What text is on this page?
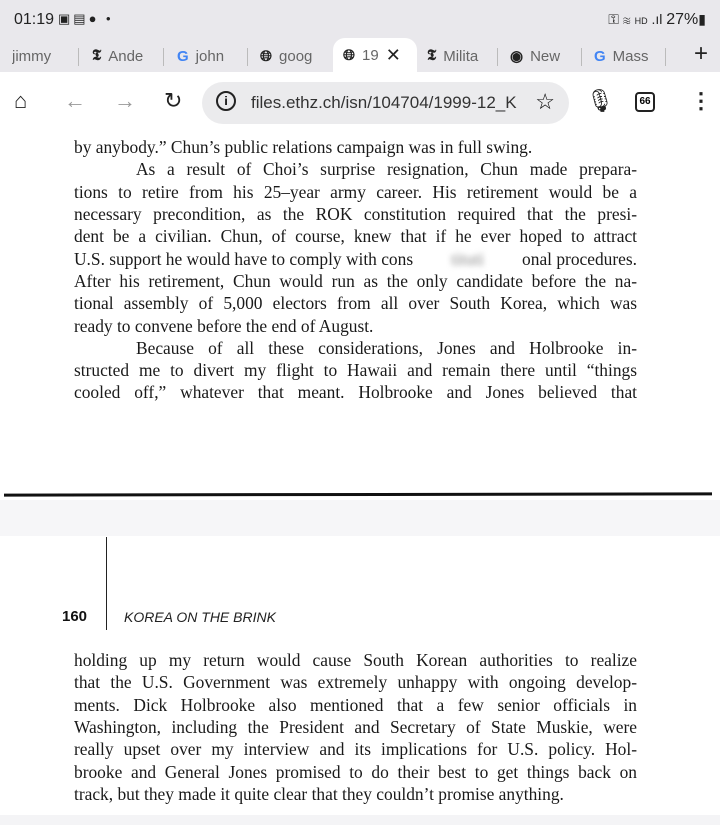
01:19 ▣▤● •	⚿ ≋ HD .ıl 27%▮
jimmy	𝕿 Ande G john 🌐︎ goog 🌐︎ 19 ✕ 𝕿 Milita ◉ New G Mass +
⌂ ← → ↻	i	files.ethz.ch/isn/104704/1999-12_K ☆ 🎙︎	66 ⋮
by anybody.” Chun’s public relations campaign was in full swing.
As a result of Choi’s surprise resignation, Chun made prepara-
tions to retire from his 25–year army career. His retirement would be a
necessary precondition, as the ROK constitution required that the presi-
dent be a civilian. Chun, of course, knew that if he ever hoped to attract
U.S. support he would have to comply with cons tituti onal procedures.
After his retirement, Chun would run as the only candidate before the na-
tional assembly of 5,000 electors from all over South Korea, which was
ready to convene before the end of August.
Because of all these considerations, Jones and Holbrooke in-
structed me to divert my flight to Hawaii and remain there until “things
cooled off,” whatever that meant. Holbrooke and Jones believed that
160	KOREA ON THE BRINK
holding up my return would cause South Korean authorities to realize
that the U.S. Government was extremely unhappy with ongoing develop-
ments. Dick Holbrooke also mentioned that a few senior officials in
Washington, including the President and Secretary of State Muskie, were
really upset over my interview and its implications for U.S. policy. Hol-
brooke and General Jones promised to do their best to get things back on
track, but they made it quite clear that they couldn’t promise anything.
